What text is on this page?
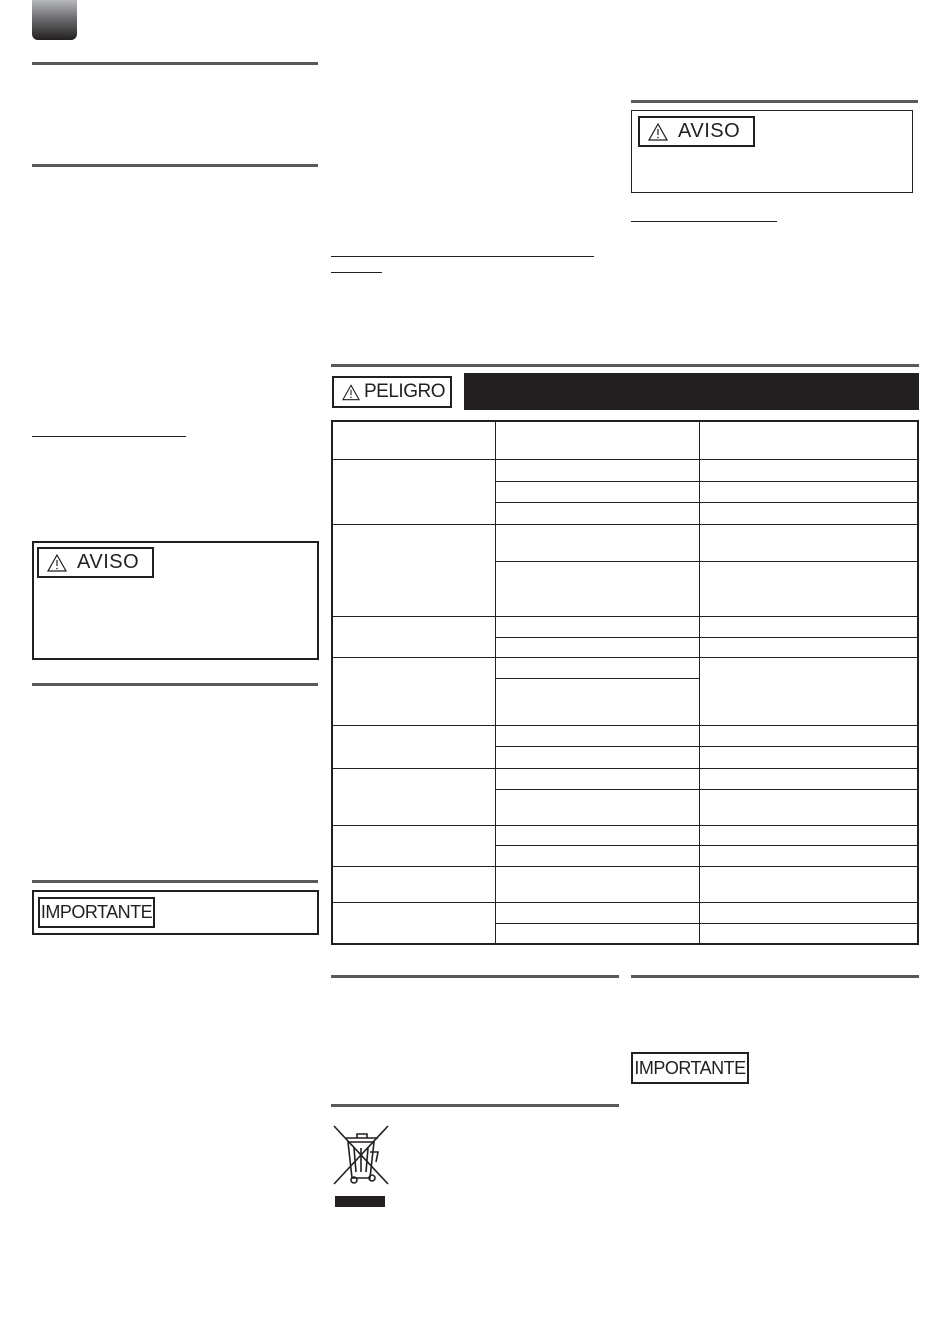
AVISO
IMPORTANTE
AVISO
PELIGRO

IMPORTANTE
